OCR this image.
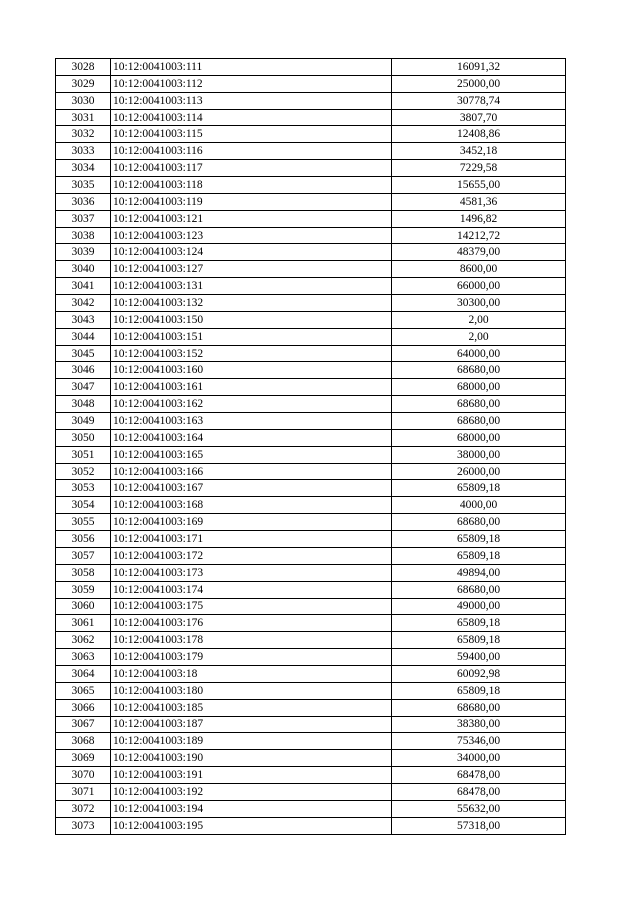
3028	10:12:0041003:111	16091,32
3029	10:12:0041003:112	25000,00
3030	10:12:0041003:113	30778,74
3031	10:12:0041003:114	3807,70
3032	10:12:0041003:115	12408,86
3033	10:12:0041003:116	3452,18
3034	10:12:0041003:117	7229,58
3035	10:12:0041003:118	15655,00
3036	10:12:0041003:119	4581,36
3037	10:12:0041003:121	1496,82
3038	10:12:0041003:123	14212,72
3039	10:12:0041003:124	48379,00
3040	10:12:0041003:127	8600,00
3041	10:12:0041003:131	66000,00
3042	10:12:0041003:132	30300,00
3043	10:12:0041003:150	2,00
3044	10:12:0041003:151	2,00
3045	10:12:0041003:152	64000,00
3046	10:12:0041003:160	68680,00
3047	10:12:0041003:161	68000,00
3048	10:12:0041003:162	68680,00
3049	10:12:0041003:163	68680,00
3050	10:12:0041003:164	68000,00
3051	10:12:0041003:165	38000,00
3052	10:12:0041003:166	26000,00
3053	10:12:0041003:167	65809,18
3054	10:12:0041003:168	4000,00
3055	10:12:0041003:169	68680,00
3056	10:12:0041003:171	65809,18
3057	10:12:0041003:172	65809,18
3058	10:12:0041003:173	49894,00
3059	10:12:0041003:174	68680,00
3060	10:12:0041003:175	49000,00
3061	10:12:0041003:176	65809,18
3062	10:12:0041003:178	65809,18
3063	10:12:0041003:179	59400,00
3064	10:12:0041003:18	60092,98
3065	10:12:0041003:180	65809,18
3066	10:12:0041003:185	68680,00
3067	10:12:0041003:187	38380,00
3068	10:12:0041003:189	75346,00
3069	10:12:0041003:190	34000,00
3070	10:12:0041003:191	68478,00
3071	10:12:0041003:192	68478,00
3072	10:12:0041003:194	55632,00
3073	10:12:0041003:195	57318,00
